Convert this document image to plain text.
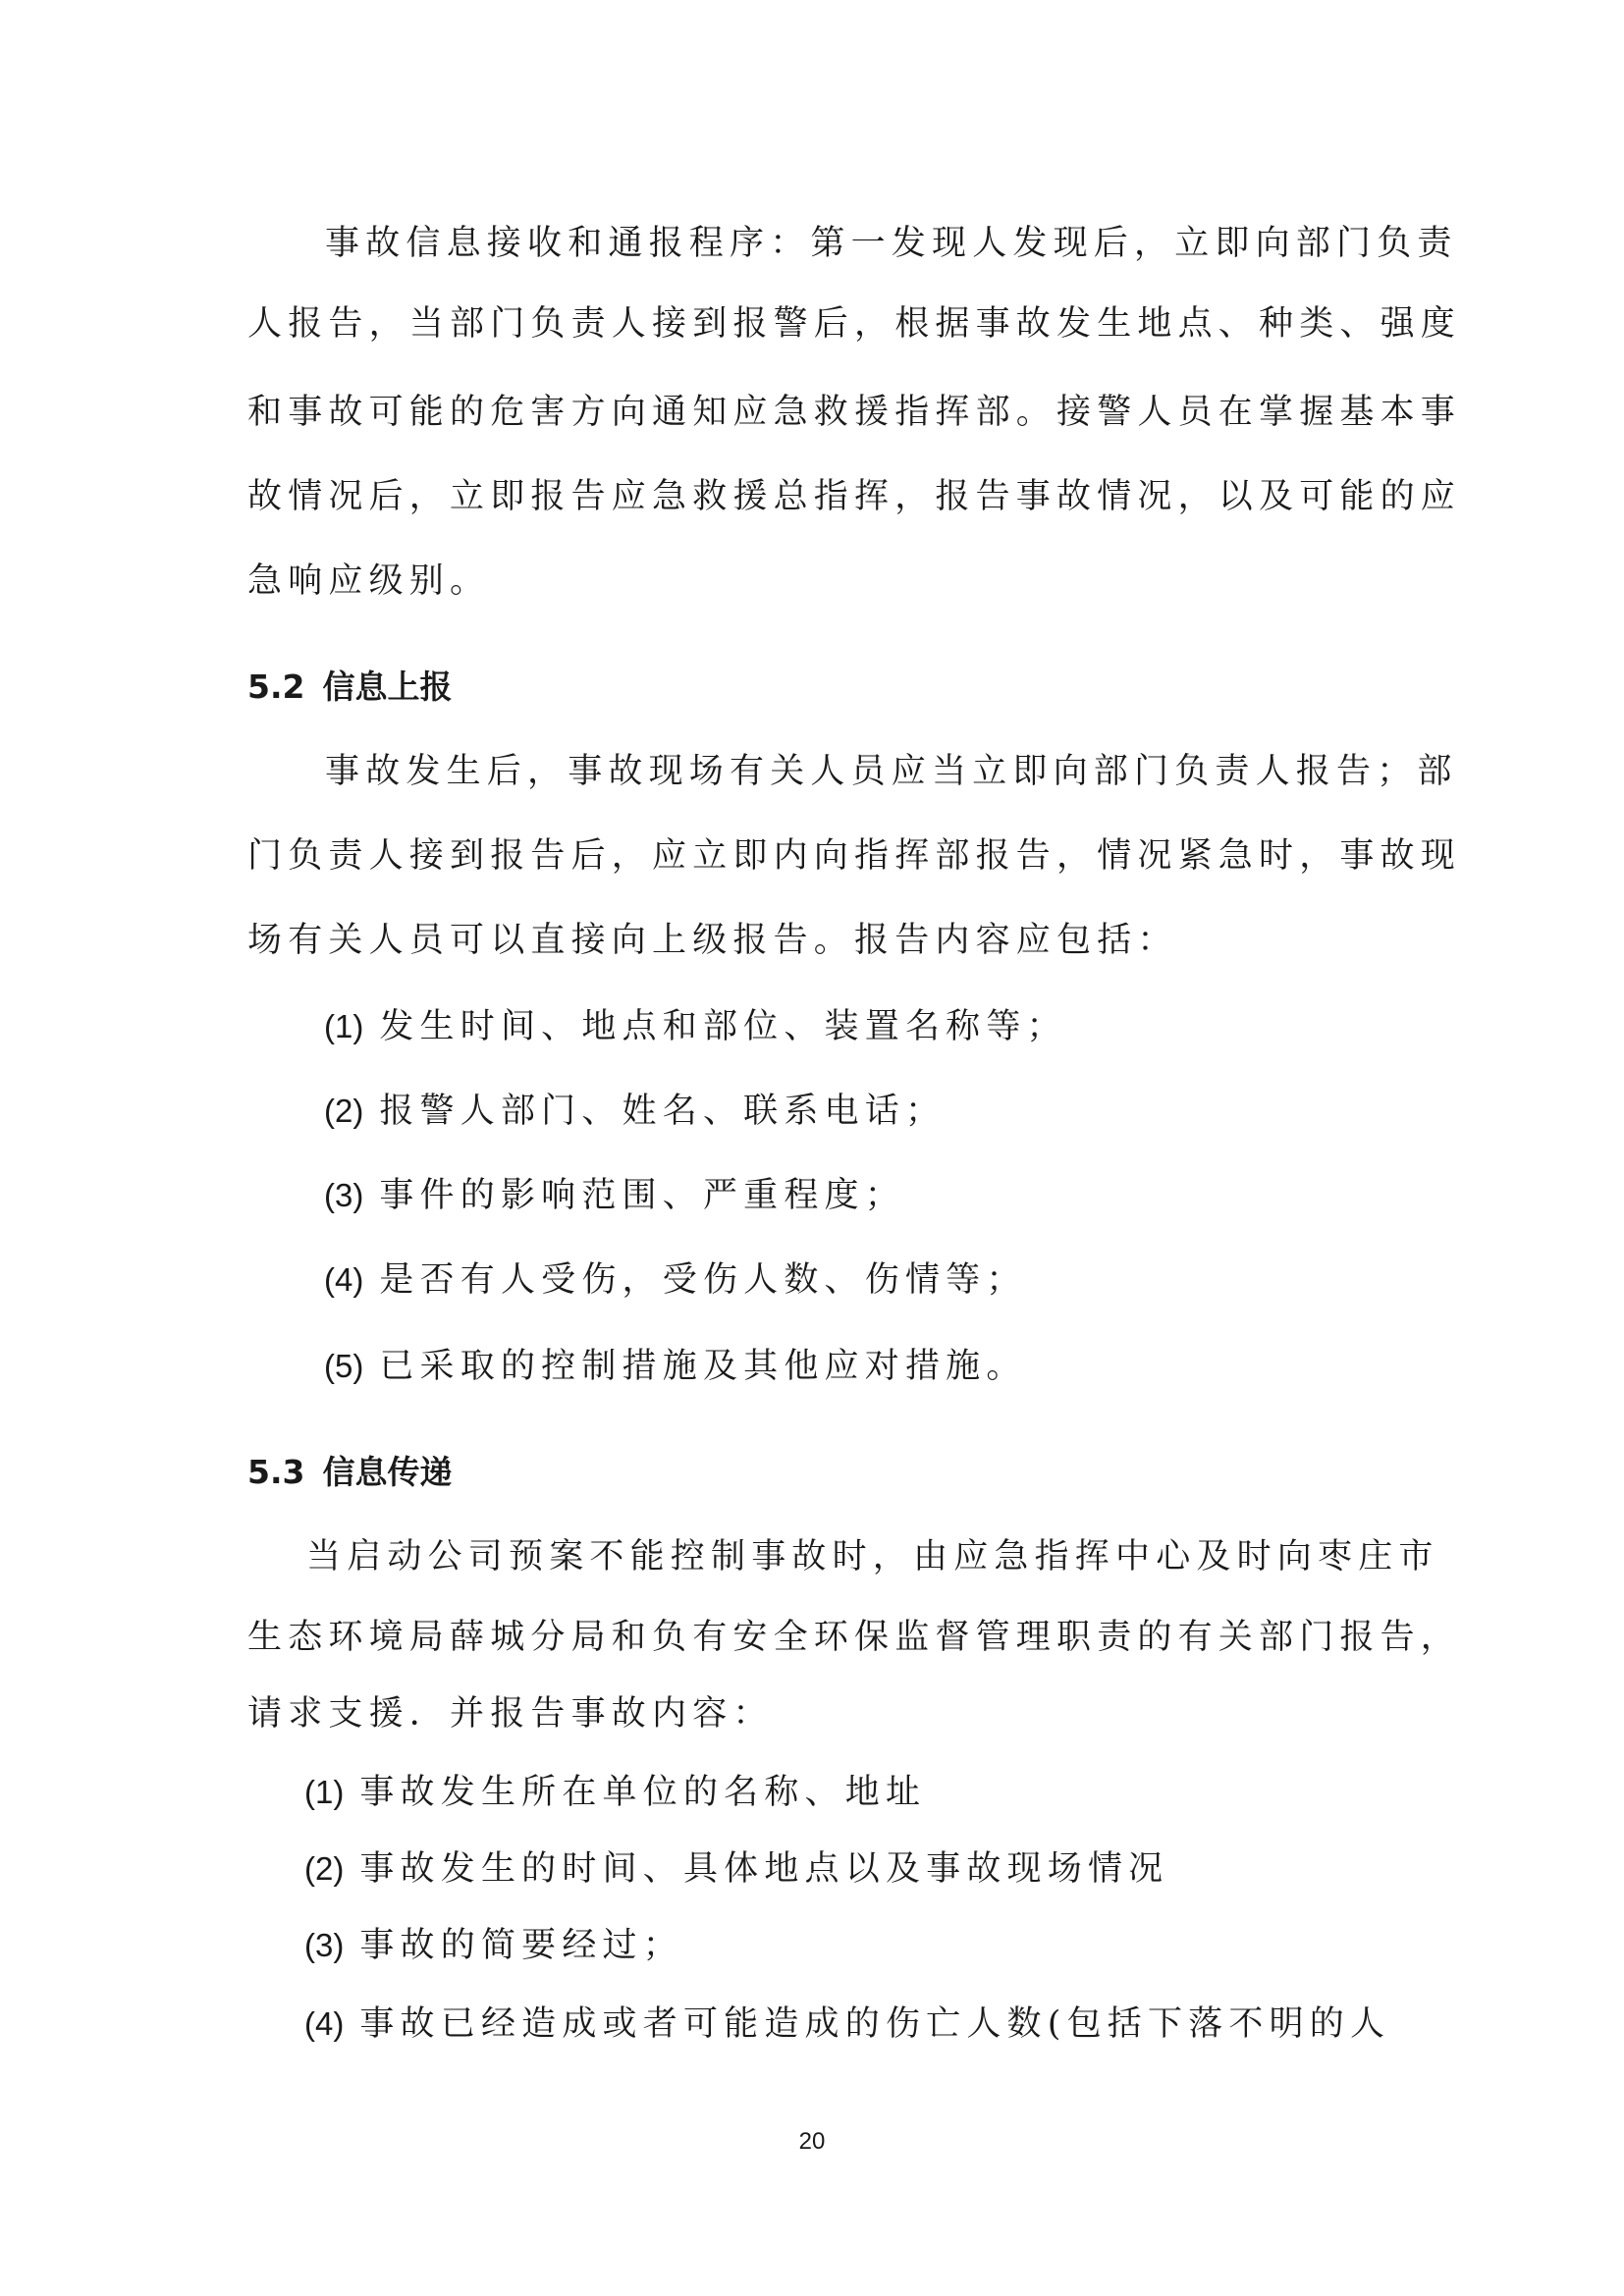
事故信息接收和通报程序：第一发现人发现后，立即向部门负责
人报告，当部门负责人接到报警后，根据事故发生地点、种类、强度
和事故可能的危害方向通知应急救援指挥部。接警人员在掌握基本事
故情况后，立即报告应急救援总指挥，报告事故情况，以及可能的应
急响应级别。
5.2 信息上报
事故发生后，事故现场有关人员应当立即向部门负责人报告；部
门负责人接到报告后，应立即内向指挥部报告，情况紧急时，事故现
场有关人员可以直接向上级报告。报告内容应包括：
(1) 发生时间、地点和部位、装置名称等；
(2) 报警人部门、姓名、联系电话；
(3) 事件的影响范围、严重程度；
(4) 是否有人受伤，受伤人数、伤情等；
(5) 已采取的控制措施及其他应对措施。
5.3 信息传递
当启动公司预案不能控制事故时，由应急指挥中心及时向枣庄市
生态环境局薛城分局和负有安全环保监督管理职责的有关部门报告，
请求支援．并报告事故内容：
(1) 事故发生所在单位的名称、地址
(2) 事故发生的时间、具体地点以及事故现场情况
(3) 事故的简要经过；
(4) 事故已经造成或者可能造成的伤亡人数(包括下落不明的人
20
